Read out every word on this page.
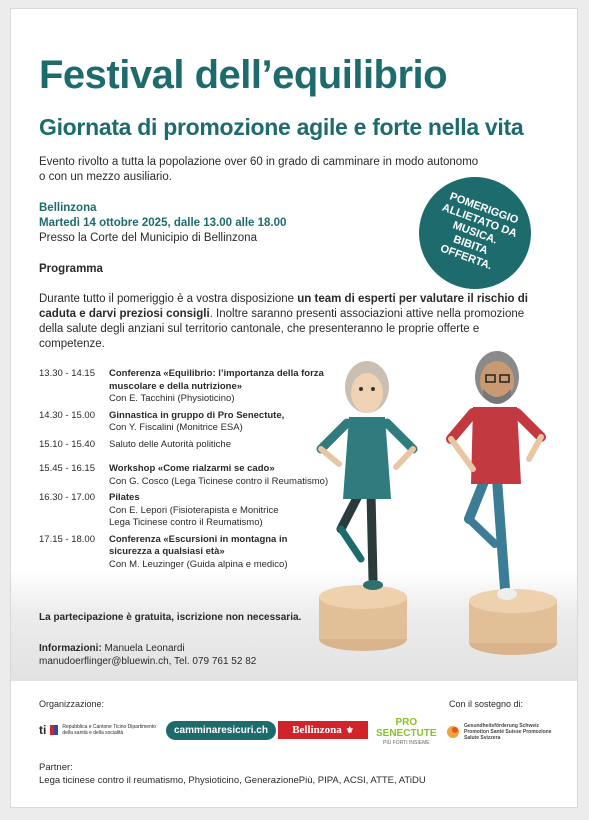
Festival dell’equilibrio
Giornata di promozione agile e forte nella vita
Evento rivolto a tutta la popolazione over 60 in grado di camminare in modo autonomo
o con un mezzo ausiliario.
Bellinzona
Martedì 14 ottobre 2025, dalle 13.00 alle 18.00
Presso la Corte del Municipio di Bellinzona
POMERIGGIO ALLIETATO DA MUSICA. BIBITA OFFERTA.
Programma
Durante tutto il pomeriggio è a vostra disposizione un team di esperti per valutare il rischio di caduta e darvi preziosi consigli. Inoltre saranno presenti associazioni attive nella promozione della salute degli anziani sul territorio cantonale, che presenteranno le proprie offerte e competenze.
13.30 - 14.15	Conferenza «Equilibrio: l’importanza della forza muscolare e della nutrizione»
Con E. Tacchini (Physioticino)
14.30 - 15.00	Ginnastica in gruppo di Pro Senectute,
Con Y. Fiscalini (Monitrice ESA)
15.10 - 15.40	Saluto delle Autorità politiche
15.45 - 16.15	Workshop «Come rialzarmi se cado»
Con G. Cosco (Lega Ticinese contro il Reumatismo)
16.30 - 17.00	Pilates
Con E. Lepori (Fisioterapista e Monitrice Lega Ticinese contro il Reumatismo)
17.15 - 18.00	Conferenza «Escursioni in montagna in sicurezza a qualsiasi età»
Con M. Leuzinger (Guida alpina e medico)
La partecipazione è gratuita, iscrizione non necessaria.
Informazioni: Manuela Leonardi
manudoerflinger@bluewin.ch, Tel. 079 761 52 82
Organizzazione:	Con il sostegno di:
ti	Repubblica e Cantone Ticino Dipartimento della sanità e della socialità	camminaresicuri.ch	Bellinzona ⚜
PRO
SENECTUTE
PIÙ FORTI INSIEME
Gesundheitsförderung Schweiz Promotion Santé Suisse Promozione Salute Svizzera
Partner:
Lega ticinese contro il reumatismo, Physioticino, GenerazionePiù, PIPA, ACSI, ATTE, ATiDU
